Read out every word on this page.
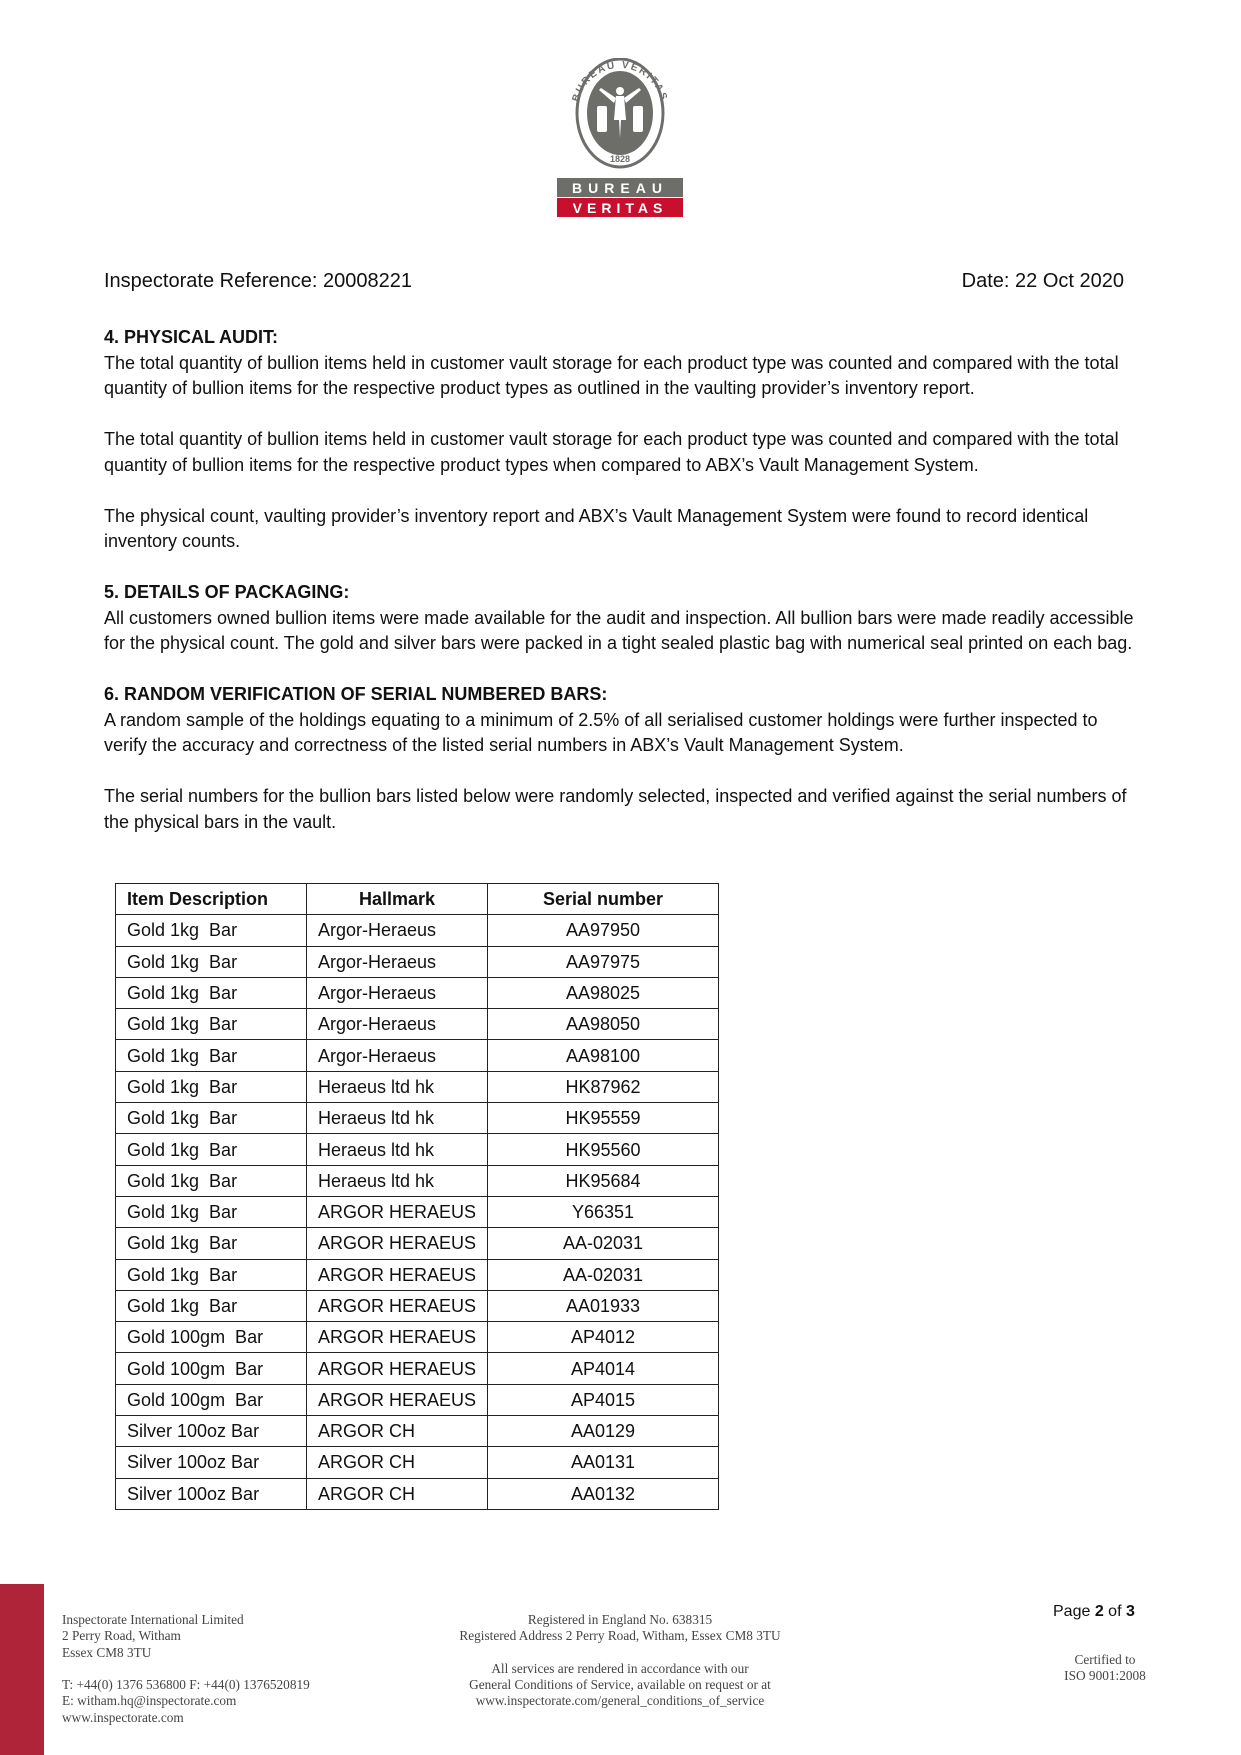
BUREAU VERITAS
1828
BUREAU
VERITAS
Inspectorate Reference: 20008221	Date: 22 Oct 2020
4. PHYSICAL AUDIT:

The total quantity of bullion items held in customer vault storage for each product type was counted and compared with the total quantity of bullion items for the respective product types as outlined in the vaulting provider’s inventory report.

The total quantity of bullion items held in customer vault storage for each product type was counted and compared with the total quantity of bullion items for the respective product types when compared to ABX’s Vault Management System.

The physical count, vaulting provider’s inventory report and ABX’s Vault Management System were found to record identical inventory counts.

5. DETAILS OF PACKAGING:

All customers owned bullion items were made available for the audit and inspection. All bullion bars were made readily accessible for the physical count. The gold and silver bars were packed in a tight sealed plastic bag with numerical seal printed on each bag.

6. RANDOM VERIFICATION OF SERIAL NUMBERED BARS:

A random sample of the holdings equating to a minimum of 2.5% of all serialised customer holdings were further inspected to verify the accuracy and correctness of the listed serial numbers in ABX’s Vault Management System.

The serial numbers for the bullion bars listed below were randomly selected, inspected and verified against the serial numbers of the physical bars in the vault.

Item Description	Hallmark	Serial number
Gold 1kg  Bar	Argor-Heraeus	AA97950
Gold 1kg  Bar	Argor-Heraeus	AA97975
Gold 1kg  Bar	Argor-Heraeus	AA98025
Gold 1kg  Bar	Argor-Heraeus	AA98050
Gold 1kg  Bar	Argor-Heraeus	AA98100
Gold 1kg  Bar	Heraeus ltd hk	HK87962
Gold 1kg  Bar	Heraeus ltd hk	HK95559
Gold 1kg  Bar	Heraeus ltd hk	HK95560
Gold 1kg  Bar	Heraeus ltd hk	HK95684
Gold 1kg  Bar	ARGOR HERAEUS	Y66351
Gold 1kg  Bar	ARGOR HERAEUS	AA-02031
Gold 1kg  Bar	ARGOR HERAEUS	AA-02031
Gold 1kg  Bar	ARGOR HERAEUS	AA01933
Gold 100gm  Bar	ARGOR HERAEUS	AP4012
Gold 100gm  Bar	ARGOR HERAEUS	AP4014
Gold 100gm  Bar	ARGOR HERAEUS	AP4015
Silver 100oz Bar	ARGOR CH	AA0129
Silver 100oz Bar	ARGOR CH	AA0131
Silver 100oz Bar	ARGOR CH	AA0132
Inspectorate International Limited
2 Perry Road, Witham
Essex CM8 3TU
T: +44(0) 1376 536800 F: +44(0) 1376520819
E: witham.hq@inspectorate.com
www.inspectorate.com
Registered in England No. 638315
Registered Address 2 Perry Road, Witham, Essex CM8 3TU
All services are rendered in accordance with our
General Conditions of Service, available on request or at
www.inspectorate.com/general_conditions_of_service
Page 2 of 3
Certified to
ISO 9001:2008
